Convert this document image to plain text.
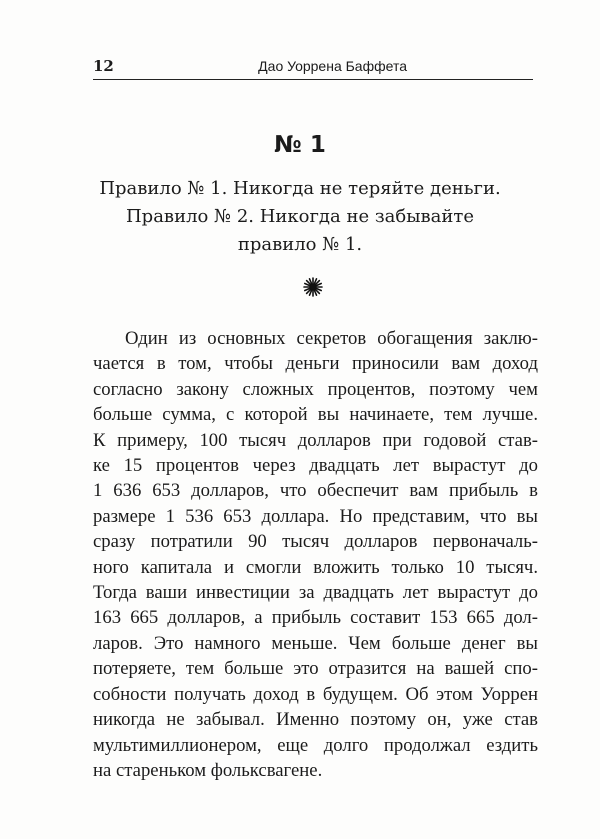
12	Дао Уоррена Баффета
№ 1
Правило № 1. Никогда не теряйте деньги.
Правило № 2. Никогда не забывайте
правило № 1.
Один из основных секретов обогащения заклю-
чается в том, чтобы деньги приносили вам доход
согласно закону сложных процентов, поэтому чем
больше сумма, с которой вы начинаете, тем лучше.
К примеру, 100 тысяч долларов при годовой став-
ке 15 процентов через двадцать лет вырастут до
1 636 653 долларов, что обеспечит вам прибыль в
размере 1 536 653 доллара. Но представим, что вы
сразу потратили 90 тысяч долларов первоначаль-
ного капитала и смогли вложить только 10 тысяч.
Тогда ваши инвестиции за двадцать лет вырастут до
163 665 долларов, а прибыль составит 153 665 дол-
ларов. Это намного меньше. Чем больше денег вы
потеряете, тем больше это отразится на вашей спо-
собности получать доход в будущем. Об этом Уоррен
никогда не забывал. Именно поэтому он, уже став
мультимиллионером, еще долго продолжал ездить
на стареньком фольксвагене.
